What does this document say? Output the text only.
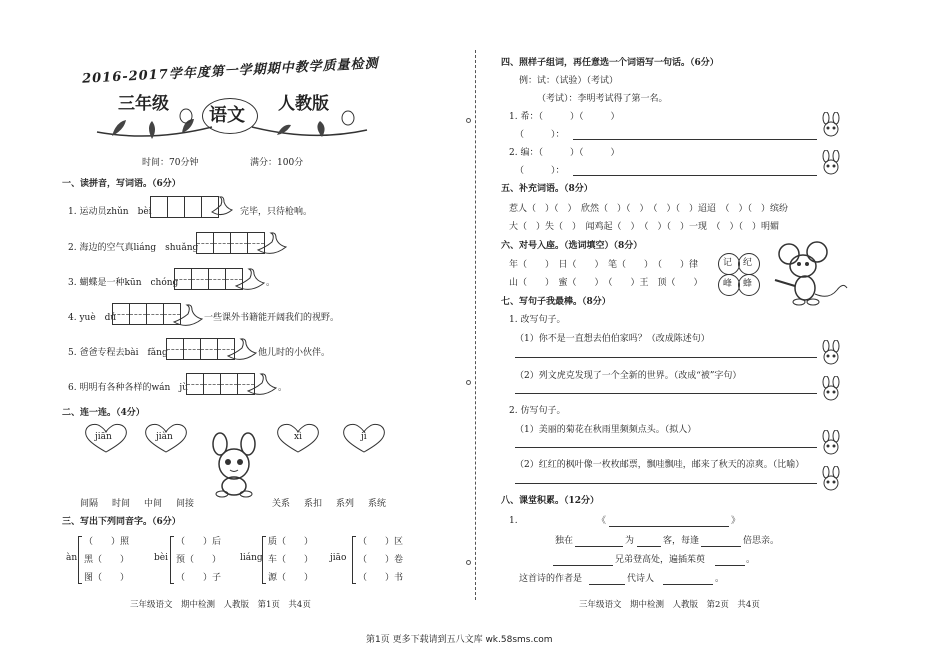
2016-2017学年度第一学期期中教学质量检测
三年级
语文
人教版
时间：70分钟	满分：100分
一、读拼音，写词语。（6分）
1. 运动员zhǔn　bèi	完毕，只待枪响。
2. 海边的空气真liáng　shuǎng
3. 蝴蝶是一种kūn　chóng	。
4. yuè　dú	一些课外书籍能开阔我们的视野。
5. 爸爸专程去bài　fǎng	他儿时的小伙伴。
6. 明明有各种各样的wán　jù	。
二、连一连。（4分）
jiān	jiàn	xì	jì
间隔 时间 中间 间接	关系 系扣 系列 系统
三、写出下列同音字。（6分）
àn
（　　）照
黑（　　）
图（　　）
bèi
（　　）后
预（　　）
（　　）子
liáng
质（　　）
车（　　）
源（　　）
jiāo
（　　）区
（　　）卷
（　　）书
三年级语文　期中检测　人教版　第1页　共4页
四、照样子组词，再任意选一个词语写一句话。（6分）
例：试：（试验）（考试）
（考试）：李明考试得了第一名。
1. 希：（　　　）（　　　）
（　　　）：
2. 编：（　　　）（　　　）
（　　　）：
五、补充词语。（8分）
惹人（　）（　）　欣然（　）（　）　（　）（　）迢迢　（　）（　）缤纷
大（　）失（　）　闻鸡起（　）　（　）（　）一现　（　）（　）明媚
六、对号入座。（选词填空）（8分）
年（　　）　日（　　）　笔（　　）　（　　）律
山（　　）　蜜（　　）　（　　）王　顶（　　）
记 纪
峰 蜂
七、写句子我最棒。（8分）
1. 改写句子。
（1）你不是一直想去伯伯家吗？（改成陈述句）
（2）列文虎克发现了一个全新的世界。（改成“被”字句）
2. 仿写句子。
（1）美丽的菊花在秋雨里频频点头。（拟人）
（2）红红的枫叶像一枚枚邮票，飘哇飘哇，邮来了秋天的凉爽。（比喻）
八、课堂积累。（12分）
1.	《	》
独在	为	客，每逢	倍思亲。
兄弟登高处，遍插茱萸	。
这首诗的作者是	代诗人	。
三年级语文　期中检测　人教版　第2页　共4页
第1页 更多下载请到五八文库 wk.58sms.com
